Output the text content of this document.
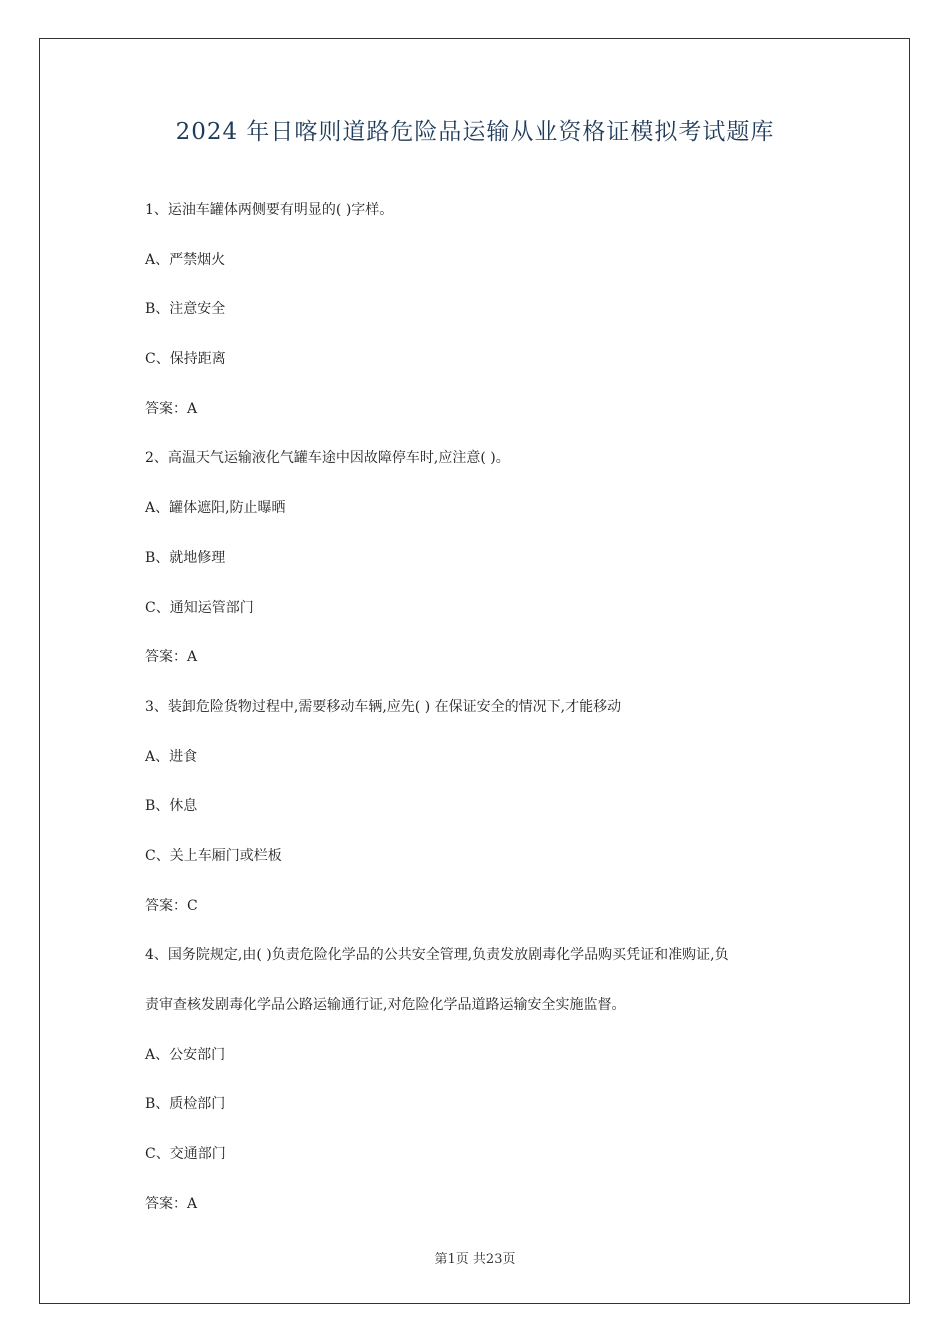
2024 年日喀则道路危险品运输从业资格证模拟考试题库
1、运油车罐体两侧要有明显的( )字样。
A、严禁烟火
B、注意安全
C、保持距离
答案：A
2、高温天气运输液化气罐车途中因故障停车时,应注意( )。
A、罐体遮阳,防止曝晒
B、就地修理
C、通知运管部门
答案：A
3、装卸危险货物过程中,需要移动车辆,应先( ) 在保证安全的情况下,才能移动
A、进食
B、休息
C、关上车厢门或栏板
答案：C
4、国务院规定,由( )负责危险化学品的公共安全管理,负责发放剧毒化学品购买凭证和准购证,负
责审查核发剧毒化学品公路运输通行证,对危险化学品道路运输安全实施监督。
A、公安部门
B、质检部门
C、交通部门
答案：A
第1页 共23页
